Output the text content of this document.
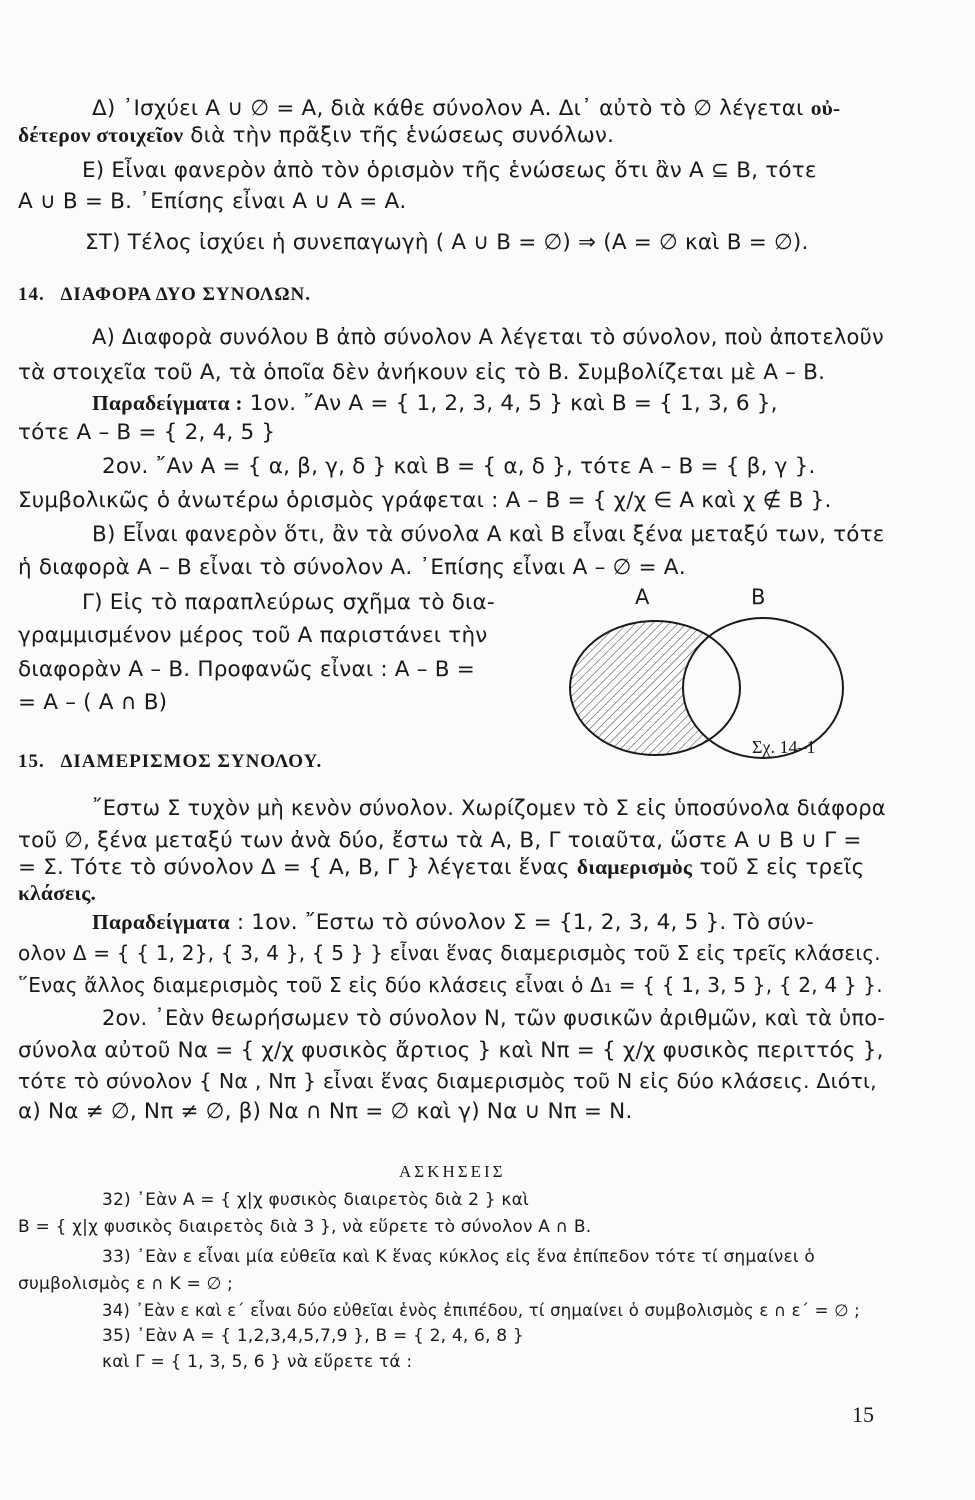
Δ) ᾿Ισχύει Α ∪ ∅ = Α, διὰ κάθε σύνολον Α. Δι᾿ αὐτὸ τὸ ∅ λέγεται οὐ-
δέτερον στοιχεῖον διὰ τὴν πρᾶξιν τῆς ἑνώσεως συνόλων.
Ε) Εἶναι φανερὸν ἀπὸ τὸν ὁρισμὸν τῆς ἑνώσεως ὅτι ἂν Α ⊆ Β, τότε
Α ∪ Β = Β. ᾿Επίσης εἶναι Α ∪ Α = Α.
ΣΤ) Τέλος ἰσχύει ἡ συνεπαγωγὴ ( Α ∪ Β = ∅) ⇒ (Α = ∅ καὶ Β = ∅).
14. ΔΙΑΦΟΡΑ ΔΥΟ ΣΥΝΟΛΩΝ.
Α) Διαφορὰ συνόλου Β ἀπὸ σύνολον Α λέγεται τὸ σύνολον, ποὺ ἀποτελοῦν
τὰ στοιχεῖα τοῦ Α, τὰ ὁποῖα δὲν ἀνήκουν εἰς τὸ Β. Συμβολίζεται μὲ Α – Β.
Παραδείγματα : 1ον. ῎Αν Α = { 1, 2, 3, 4, 5 } καὶ Β = { 1, 3, 6 },
τότε Α – Β = { 2, 4, 5 }
2ον. ῎Αν Α = { α, β, γ, δ } καὶ Β = { α, δ }, τότε Α – Β = { β, γ }.
Συμβολικῶς ὁ ἀνωτέρω ὁρισμὸς γράφεται : Α – Β = { χ/χ ∈ Α καὶ χ ∉ Β }.
Β) Εἶναι φανερὸν ὅτι, ἂν τὰ σύνολα Α καὶ Β εἶναι ξένα μεταξύ των, τότε
ἡ διαφορὰ Α – Β εἶναι τὸ σύνολον Α. ᾿Επίσης εἶναι Α – ∅ = Α.
Γ) Εἰς τὸ παραπλεύρως σχῆμα τὸ δια-
γραμμισμένον μέρος τοῦ Α παριστάνει τὴν
διαφορὰν Α – Β. Προφανῶς εἶναι : Α – Β =
= Α – ( Α ∩ Β)
Α	Β
Σχ. 14–1
15. ΔΙΑΜΕΡΙΣΜΟΣ ΣΥΝΟΛΟΥ.
῎Εστω Σ τυχὸν μὴ κενὸν σύνολον. Χωρίζομεν τὸ Σ εἰς ὑποσύνολα διάφορα
τοῦ ∅, ξένα μεταξύ των ἀνὰ δύο, ἔστω τὰ Α, Β, Γ τοιαῦτα, ὥστε Α ∪ Β ∪ Γ =
= Σ. Τότε τὸ σύνολον Δ = { Α, Β, Γ } λέγεται ἕνας διαμερισμὸς τοῦ Σ εἰς τρεῖς
κλάσεις.
Παραδείγματα : 1ον. ῎Εστω τὸ σύνολον Σ = {1, 2, 3, 4, 5 }. Τὸ σύν-
ολον Δ = { { 1, 2}, { 3, 4 }, { 5 } } εἶναι ἕνας διαμερισμὸς τοῦ Σ εἰς τρεῖς κλάσεις.
῞Ενας ἄλλος διαμερισμὸς τοῦ Σ εἰς δύο κλάσεις εἶναι ὁ Δ₁ = { { 1, 3, 5 }, { 2, 4 } }.
2ον. ᾿Εὰν θεωρήσωμεν τὸ σύνολον Ν, τῶν φυσικῶν ἀριθμῶν, καὶ τὰ ὑπο-
σύνολα αὐτοῦ Να = { χ/χ φυσικὸς ἄρτιος } καὶ Νπ = { χ/χ φυσικὸς περιττός },
τότε τὸ σύνολον { Να , Νπ } εἶναι ἕνας διαμερισμὸς τοῦ Ν εἰς δύο κλάσεις. Διότι,
α) Να ≠ ∅, Νπ ≠ ∅, β) Να ∩ Νπ = ∅ καὶ γ) Να ∪ Νπ = Ν.
ΑΣΚΗΣΕΙΣ
32) ᾿Εὰν Α = { χ|χ φυσικὸς διαιρετὸς διὰ 2 } καὶ
Β = { χ|χ φυσικὸς διαιρετὸς διὰ 3 }, νὰ εὕρετε τὸ σύνολον Α ∩ Β.
33) ᾿Εὰν ε εἶναι μία εὐθεῖα καὶ Κ ἕνας κύκλος εἰς ἕνα ἐπίπεδον τότε τί σημαίνει ὁ
συμβολισμὸς ε ∩ Κ = ∅ ;
34) ᾿Εὰν ε καὶ ε΄ εἶναι δύο εὐθεῖαι ἑνὸς ἐπιπέδου, τί σημαίνει ὁ συμβολισμὸς ε ∩ ε΄ = ∅ ;
35) ᾿Εὰν Α = { 1,2,3,4,5,7,9 }, Β = { 2, 4, 6, 8 }
καὶ Γ = { 1, 3, 5, 6 } νὰ εὕρετε τά :
15
